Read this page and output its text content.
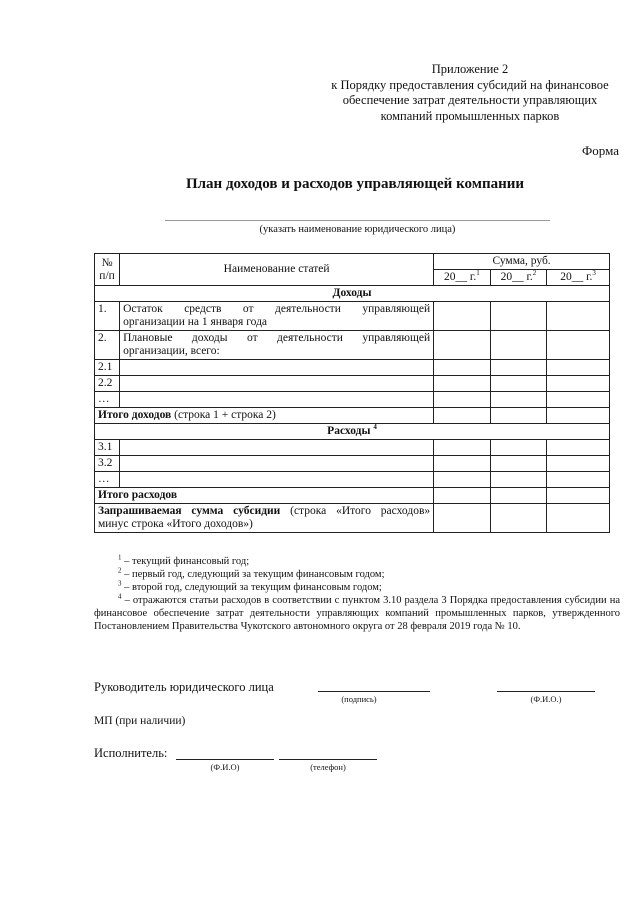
Приложение 2
к Порядку предоставления субсидий на финансовое
обеспечение затрат деятельности управляющих
компаний промышленных парков
Форма
План доходов и расходов управляющей компании
(указать наименование юридического лица)
№ п/п	Наименование статей	Сумма, руб.		
		20__ г.$^1$	20__ г.$^2$	20__ г.$^3$
Доходы				
1.	Остаток средств от деятельности управляющей
организации на 1 января года			

2.	Плановые доходы от деятельности управляющей
организации, всего:			

2.1				
2.2				
…				
Итого доходов (строка 1 + строка 2)				
Расходы $^4$
3.1				
3.2				
…				
Итого расходов				

Запрашиваемая сумма субсидии (строка «Итого расходов»
минус строка «Итого доходов»)				

$^1$ – текущий финансовый год;
$^2$ – первый год, следующий за текущим финансовым годом;
$^3$ – второй год, следующий за текущим финансовым годом;
$^4$ – отражаются статьи расходов в соответствии с пунктом 3.10 раздела 3 Порядка предоставления субсидии на финансовое обеспечение затрат деятельности управляющих компаний промышленных парков, утвержденного Постановлением Правительства Чукотского автономного округа от 28 февраля 2019 года № 10.
Руководитель юридического лица
(подпись)	(Ф.И.О.)
МП (при наличии)
Исполнитель:
(Ф.И.О)	(телефон)
